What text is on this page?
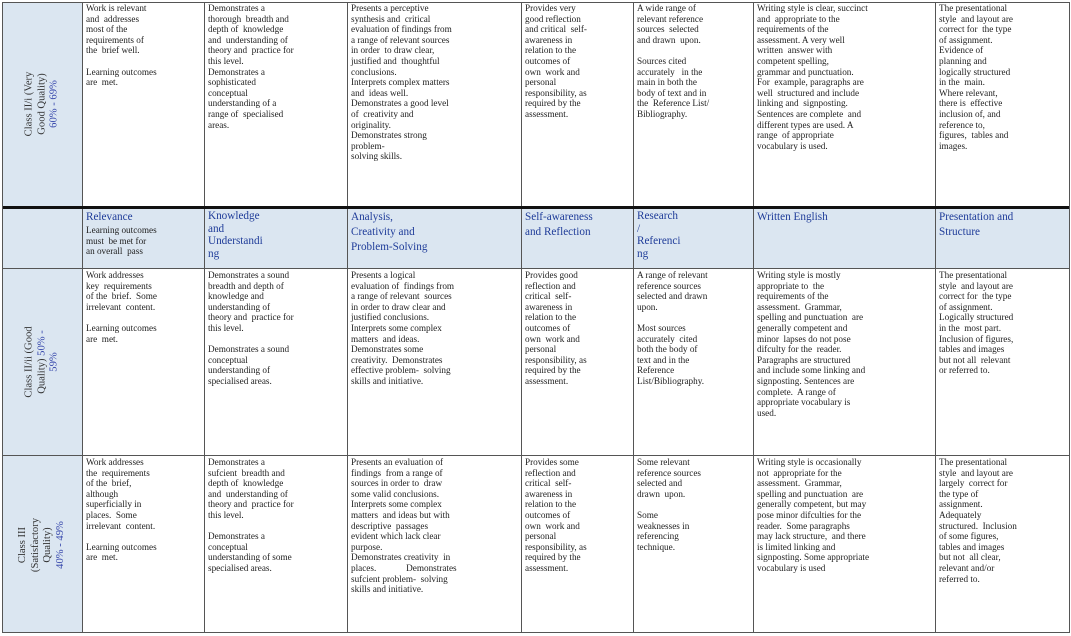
Class II/i (Very Good Quality) 60% - 69%

Work is relevant
and  addresses
most of the
requirements of
the  brief well.

Learning outcomes
are  met.
Demonstrates a
thorough  breadth and
depth of  knowledge
and  understanding of
theory and  practice for
this level.
Demonstrates a
sophisticated
conceptual
understanding of a
range of  specialised
areas.
Presents a perceptive
synthesis and  critical
evaluation of findings from
a range of relevant sources
in order  to draw clear,
justified and  thoughtful
conclusions.
Interprets complex matters
and  ideas well.
Demonstrates a good level
of  creativity and
originality.
Demonstrates strong
problem-
solving skills.
Provides very
good reflection
and critical  self-
awareness in
relation to the
outcomes of
own  work and
personal
responsibility, as
required by the
assessment.
A wide range of
relevant reference
sources  selected
and drawn  upon.

Sources cited
accurately   in the
main in both the
body of text and in
the  Reference List/
Bibliography.
Writing style is clear, succinct
and  appropriate to the
requirements of the
assessment. A very well
written  answer with
competent spelling,
grammar and punctuation.
For  example, paragraphs are
well  structured and include
linking and  signposting.
Sentences are complete  and
different types are used. A
range  of appropriate
vocabulary is used.
The presentational
style  and layout are
correct for  the type
of assignment.
Evidence of
planning and
logically structured
in the  main.
Where relevant,
there is  effective
inclusion of, and
reference to,
figures,  tables and
images.
Relevance
Learning outcomes
must  be met for
an overall  pass
Knowledge
and
Understandi
ng
Analysis,
Creativity and
Problem-Solving
Self-awareness
and Reflection
Research
/
Referenci
ng
Written English	Presentation and
Structure

Class II/ii (Good Quality) 50% -
59%

Work addresses
key  requirements
of the  brief.  Some
irrelevant  content.

Learning outcomes
are  met.
Demonstrates a sound
breadth and depth of
knowledge and
understanding of
theory and  practice for
this level.

Demonstrates a sound
conceptual
understanding of
specialised areas.
Presents a logical
evaluation of  findings from
a range of relevant  sources
in order to draw clear and
justified conclusions.
Interprets some complex
matters  and ideas.
Demonstrates some
creativity.  Demonstrates
effective problem-  solving
skills and initiative.
Provides good
reflection and
critical  self-
awareness in
relation to the
outcomes of
own  work and
personal
responsibility, as
required by the
assessment.
A range of relevant
reference sources
selected and drawn
upon.

Most sources
accurately  cited
both the body of
text and in the
Reference
List/Bibliography.
Writing style is mostly
appropriate to  the
requirements of the
assessment.  Grammar,
spelling and punctuation  are
generally competent and
minor  lapses do not pose
difculty for the  reader.
Paragraphs are structured
and include some linking and
signposting. Sentences are
complete.  A range of
appropriate vocabulary is
used.
The presentational
style  and layout are
correct for  the type
of assignment.
Logically structured
in the  most part.
Inclusion of figures,
tables and images
but not all  relevant
or referred to.

Class III (Satisfactory Quality) 40% - 49%

Work addresses
the  requirements
of the  brief,
although
superficially in
places.  Some
irrelevant  content.

Learning outcomes
are  met.
Demonstrates a
sufcient  breadth and
depth of  knowledge
and  understanding of
theory and  practice for
this level.

Demonstrates a
conceptual
understanding of some
specialised areas.
Presents an evaluation of
findings  from a range of
sources in order to  draw
some valid conclusions.
Interprets some complex
matters  and ideas but with
descriptive  passages
evident which lack clear
purpose.
Demonstrates creativity  in
places.             Demonstrates
sufcient problem-  solving
skills and initiative.
Provides some
reflection and
critical  self-
awareness in
relation to the
outcomes of
own  work and
personal
responsibility, as
required by the
assessment.
Some relevant
reference sources
selected and
drawn  upon.

Some
weaknesses in
referencing
technique.
Writing style is occasionally
not  appropriate for the
assessment.  Grammar,
spelling and punctuation  are
generally competent, but may
pose minor difculties for the
reader.  Some paragraphs
may lack structure,  and there
is limited linking and
signposting. Some appropriate
vocabulary is used
The presentational
style  and layout are
largely  correct for
the type of
assignment.
Adequately
structured.  Inclusion
of some figures,
tables and images
but not  all clear,
relevant and/or
referred to.
